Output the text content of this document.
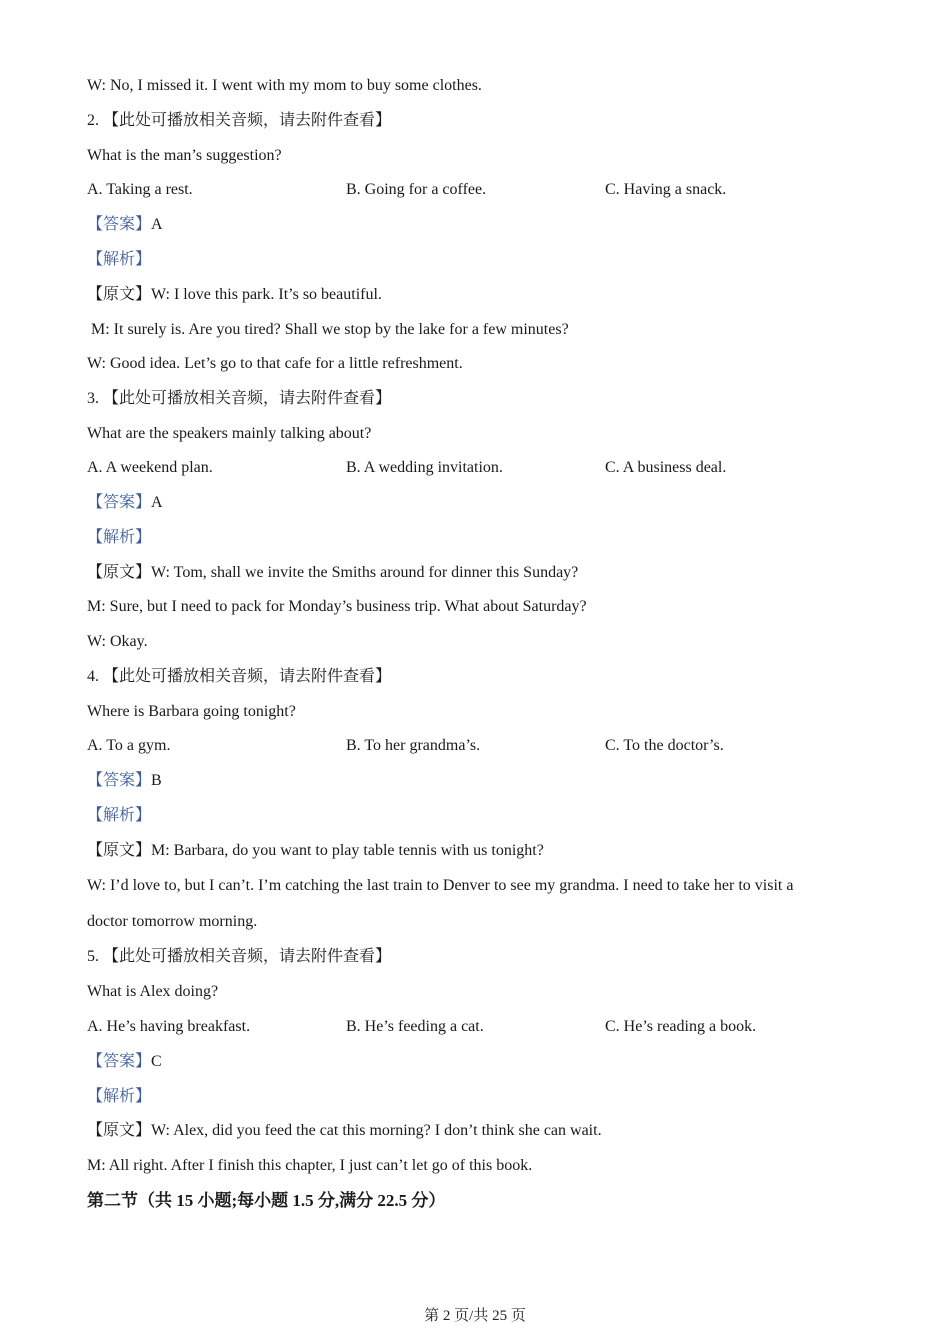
W: No, I missed it. I went with my mom to buy some clothes.
2. 【此处可播放相关音频，请去附件查看】
What is the man’s suggestion?
A. Taking a rest.	B. Going for a coffee.	C. Having a snack.
【答案】A
【解析】
【原文】W: I love this park. It’s so beautiful.
M: It surely is. Are you tired? Shall we stop by the lake for a few minutes?
W: Good idea. Let’s go to that cafe for a little refreshment.
3. 【此处可播放相关音频，请去附件查看】
What are the speakers mainly talking about?
A. A weekend plan.	B. A wedding invitation.	C. A business deal.
【答案】A
【解析】
【原文】W: Tom, shall we invite the Smiths around for dinner this Sunday?
M: Sure, but I need to pack for Monday’s business trip. What about Saturday?
W: Okay.
4. 【此处可播放相关音频，请去附件查看】
Where is Barbara going tonight?
A. To a gym.	B. To her grandma’s.	C. To the doctor’s.
【答案】B
【解析】
【原文】M: Barbara, do you want to play table tennis with us tonight?
W: I’d love to, but I can’t. I’m catching the last train to Denver to see my grandma. I need to take her to visit a
doctor tomorrow morning.
5. 【此处可播放相关音频，请去附件查看】
What is Alex doing?
A. He’s having breakfast.	B. He’s feeding a cat.	C. He’s reading a book.
【答案】C
【解析】
【原文】W: Alex, did you feed the cat this morning? I don’t think she can wait.
M: All right. After I finish this chapter, I just can’t let go of this book.
第二节（共 15 小题;每小题 1.5 分,满分 22.5 分）
第 2 页/共 25 页
